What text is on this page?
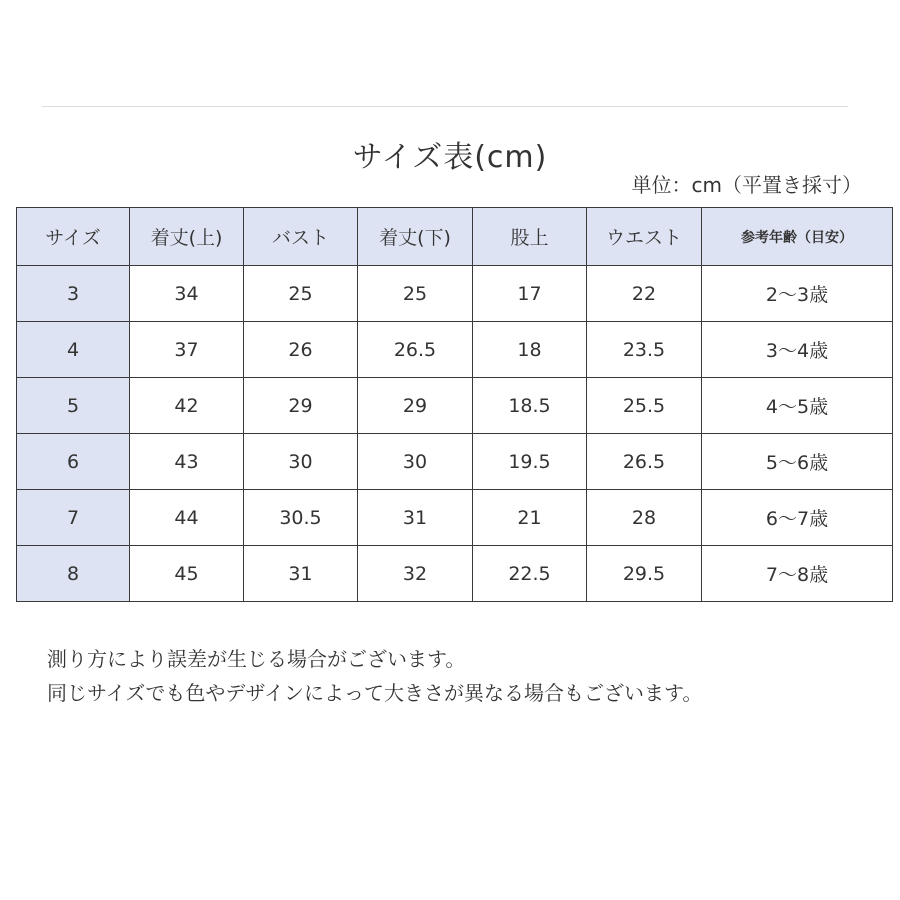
サイズ表(cm)
単位：cm（平置き採寸）
サイズ	着丈(上)	バスト	着丈(下)	股上	ウエスト	参考年齢（目安）
3	34	25	25	17	22	2～3歳
4	37	26	26.5	18	23.5	3～4歳
5	42	29	29	18.5	25.5	4～5歳
6	43	30	30	19.5	26.5	5～6歳
7	44	30.5	31	21	28	6～7歳
8	45	31	32	22.5	29.5	7～8歳
測り方により誤差が生じる場合がございます。
同じサイズでも色やデザインによって大きさが異なる場合もございます。
